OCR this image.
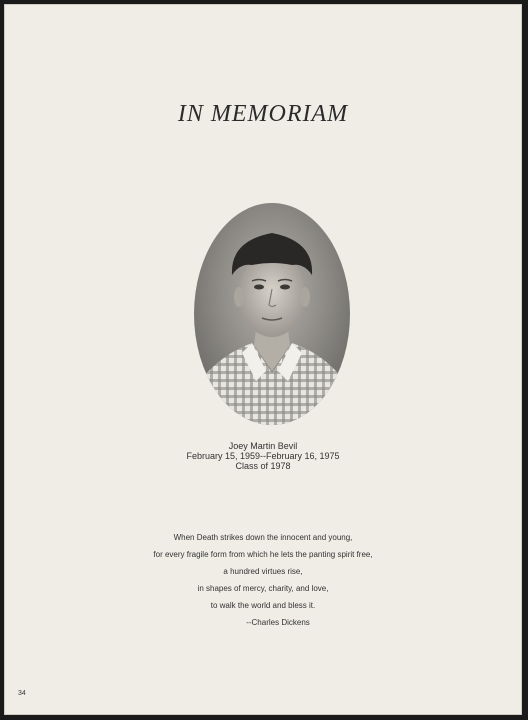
IN MEMORIAM
Joey Martin Bevil
February 15, 1959--February 16, 1975
Class of 1978
When Death strikes down the innocent and young,
for every fragile form from which he lets the panting spirit free,
a hundred virtues rise,
in shapes of mercy, charity, and love,
to walk the world and bless it.
--Charles Dickens
34
